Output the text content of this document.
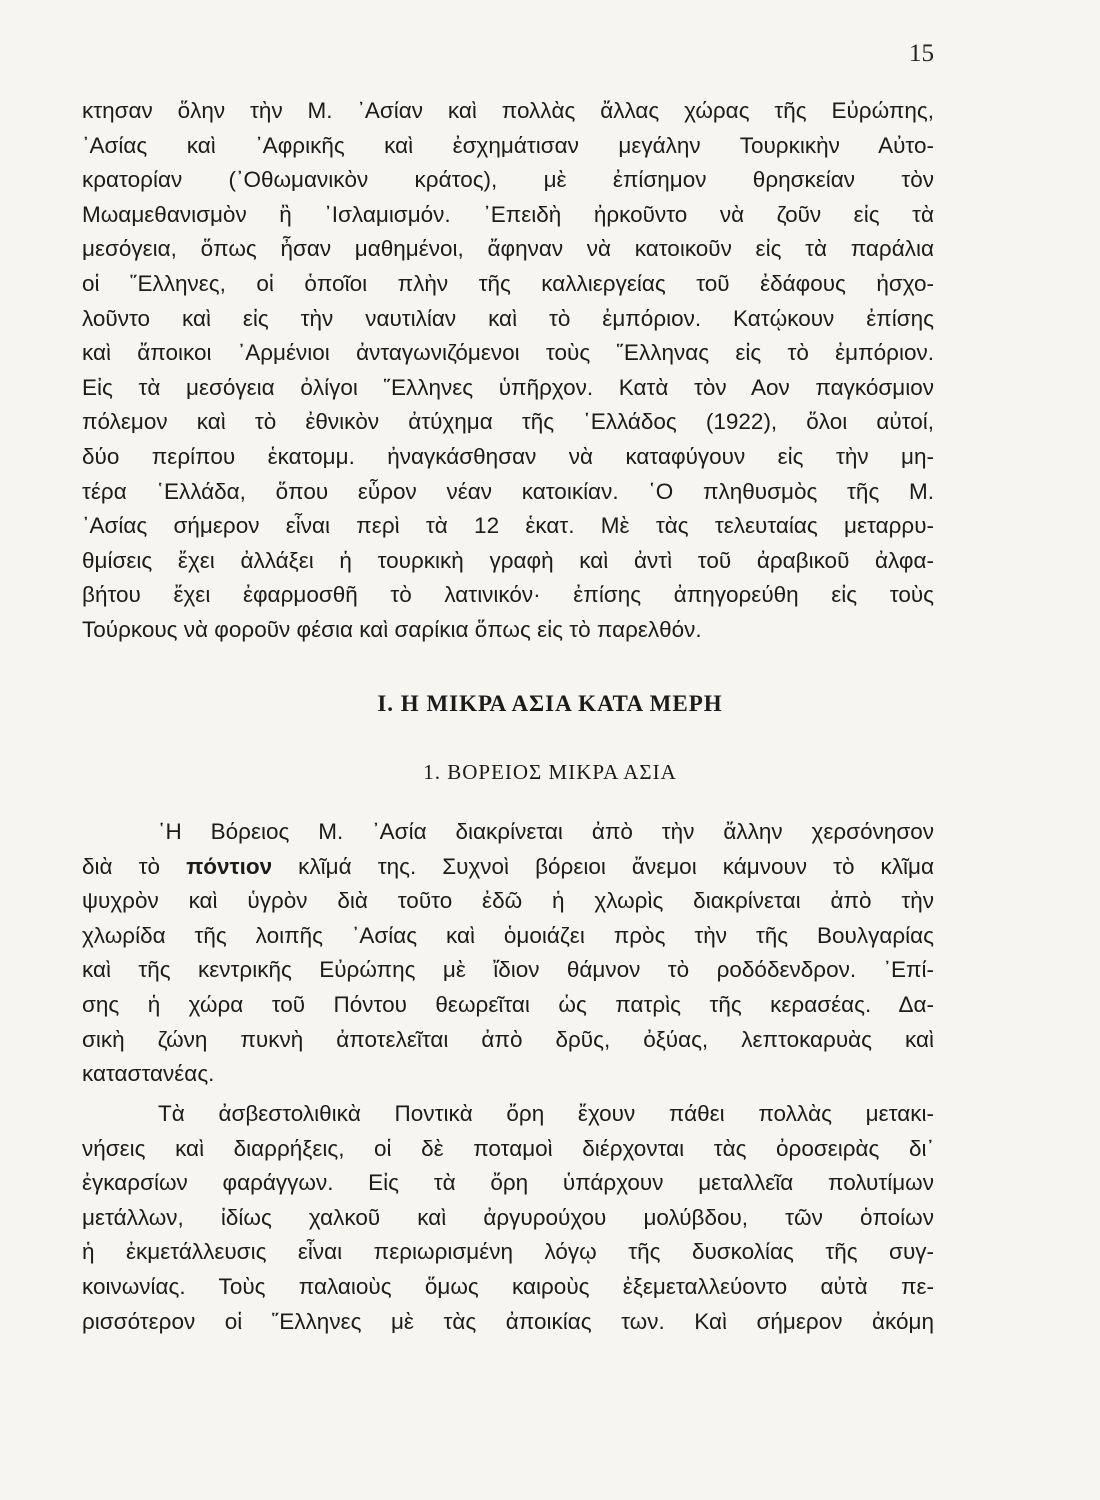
15
κτησαν ὅλην τὴν Μ. ᾿Ασίαν καὶ πολλὰς ἄλλας χώρας τῆς Εὐρώπης,
᾿Ασίας καὶ ᾿Αφρικῆς καὶ ἐσχημάτισαν μεγάλην Τουρκικὴν Αὐτο-
κρατορίαν (᾿Οθωμανικὸν κράτος), μὲ ἐπίσημον θρησκείαν τὸν
Μωαμεθανισμὸν ἢ ᾿Ισλαμισμόν. ᾿Επειδὴ ἠρκοῦντο νὰ ζοῦν εἰς τὰ
μεσόγεια, ὅπως ἦσαν μαθημένοι, ἄφηναν νὰ κατοικοῦν εἰς τὰ παράλια
οἱ ῞Ελληνες, οἱ ὁποῖοι πλὴν τῆς καλλιεργείας τοῦ ἐδάφους ἠσχο-
λοῦντο καὶ εἰς τὴν ναυτιλίαν καὶ τὸ ἐμπόριον. Κατῴκουν ἐπίσης
καὶ ἄποικοι ᾿Αρμένιοι ἀνταγωνιζόμενοι τοὺς ῞Ελληνας εἰς τὸ ἐμπόριον.
Εἰς τὰ μεσόγεια ὀλίγοι ῞Ελληνες ὑπῆρχον. Κατὰ τὸν Αον παγκόσμιον
πόλεμον καὶ τὸ ἐθνικὸν ἀτύχημα τῆς ῾Ελλάδος (1922), ὅλοι αὐτοί,
δύο περίπου ἑκατομμ. ἠναγκάσθησαν νὰ καταφύγουν εἰς τὴν μη-
τέρα ῾Ελλάδα, ὅπου εὗρον νέαν κατοικίαν. ῾Ο πληθυσμὸς τῆς Μ.
᾿Ασίας σήμερον εἶναι περὶ τὰ 12 ἑκατ. Μὲ τὰς τελευταίας μεταρρυ-
θμίσεις ἔχει ἀλλάξει ἡ τουρκικὴ γραφὴ καὶ ἀντὶ τοῦ ἀραβικοῦ ἀλφα-
βήτου ἔχει ἐφαρμοσθῆ τὸ λατινικόν· ἐπίσης ἀπηγορεύθη εἰς τοὺς
Τούρκους νὰ φοροῦν φέσια καὶ σαρίκια ὅπως εἰς τὸ παρελθόν.
Ι. Η ΜΙΚΡΑ ΑΣΙΑ ΚΑΤΑ ΜΕΡΗ
1. ΒΟΡΕΙΟΣ ΜΙΚΡΑ ΑΣΙΑ
῾Η Βόρειος Μ. ᾿Ασία διακρίνεται ἀπὸ τὴν ἄλλην χερσόνησον
διὰ τὸ πόντιον κλῖμά της. Συχνοὶ βόρειοι ἄνεμοι κάμνουν τὸ κλῖμα
ψυχρὸν καὶ ὑγρὸν διὰ τοῦτο ἐδῶ ἡ χλωρὶς διακρίνεται ἀπὸ τὴν
χλωρίδα τῆς λοιπῆς ᾿Ασίας καὶ ὁμοιάζει πρὸς τὴν τῆς Βουλγαρίας
καὶ τῆς κεντρικῆς Εὐρώπης μὲ ἴδιον θάμνον τὸ ροδόδενδρον. ᾿Επί-
σης ἡ χώρα τοῦ Πόντου θεωρεῖται ὡς πατρὶς τῆς κερασέας. Δα-
σικὴ ζώνη πυκνὴ ἀποτελεῖται ἀπὸ δρῦς, ὀξύας, λεπτοκαρυὰς καὶ
καταστανέας.
Τὰ ἀσβεστολιθικὰ Ποντικὰ ὄρη ἔχουν πάθει πολλὰς μετακι-
νήσεις καὶ διαρρήξεις, οἱ δὲ ποταμοὶ διέρχονται τὰς ὀροσειρὰς δι᾿
ἐγκαρσίων φαράγγων. Εἰς τὰ ὄρη ὑπάρχουν μεταλλεῖα πολυτίμων
μετάλλων, ἰδίως χαλκοῦ καὶ ἀργυρούχου μολύβδου, τῶν ὁποίων
ἡ ἐκμετάλλευσις εἶναι περιωρισμένη λόγῳ τῆς δυσκολίας τῆς συγ-
κοινωνίας. Τοὺς παλαιοὺς ὅμως καιροὺς ἐξεμεταλλεύοντο αὐτὰ πε-
ρισσότερον οἱ ῞Ελληνες μὲ τὰς ἀποικίας των. Καὶ σήμερον ἀκόμη
